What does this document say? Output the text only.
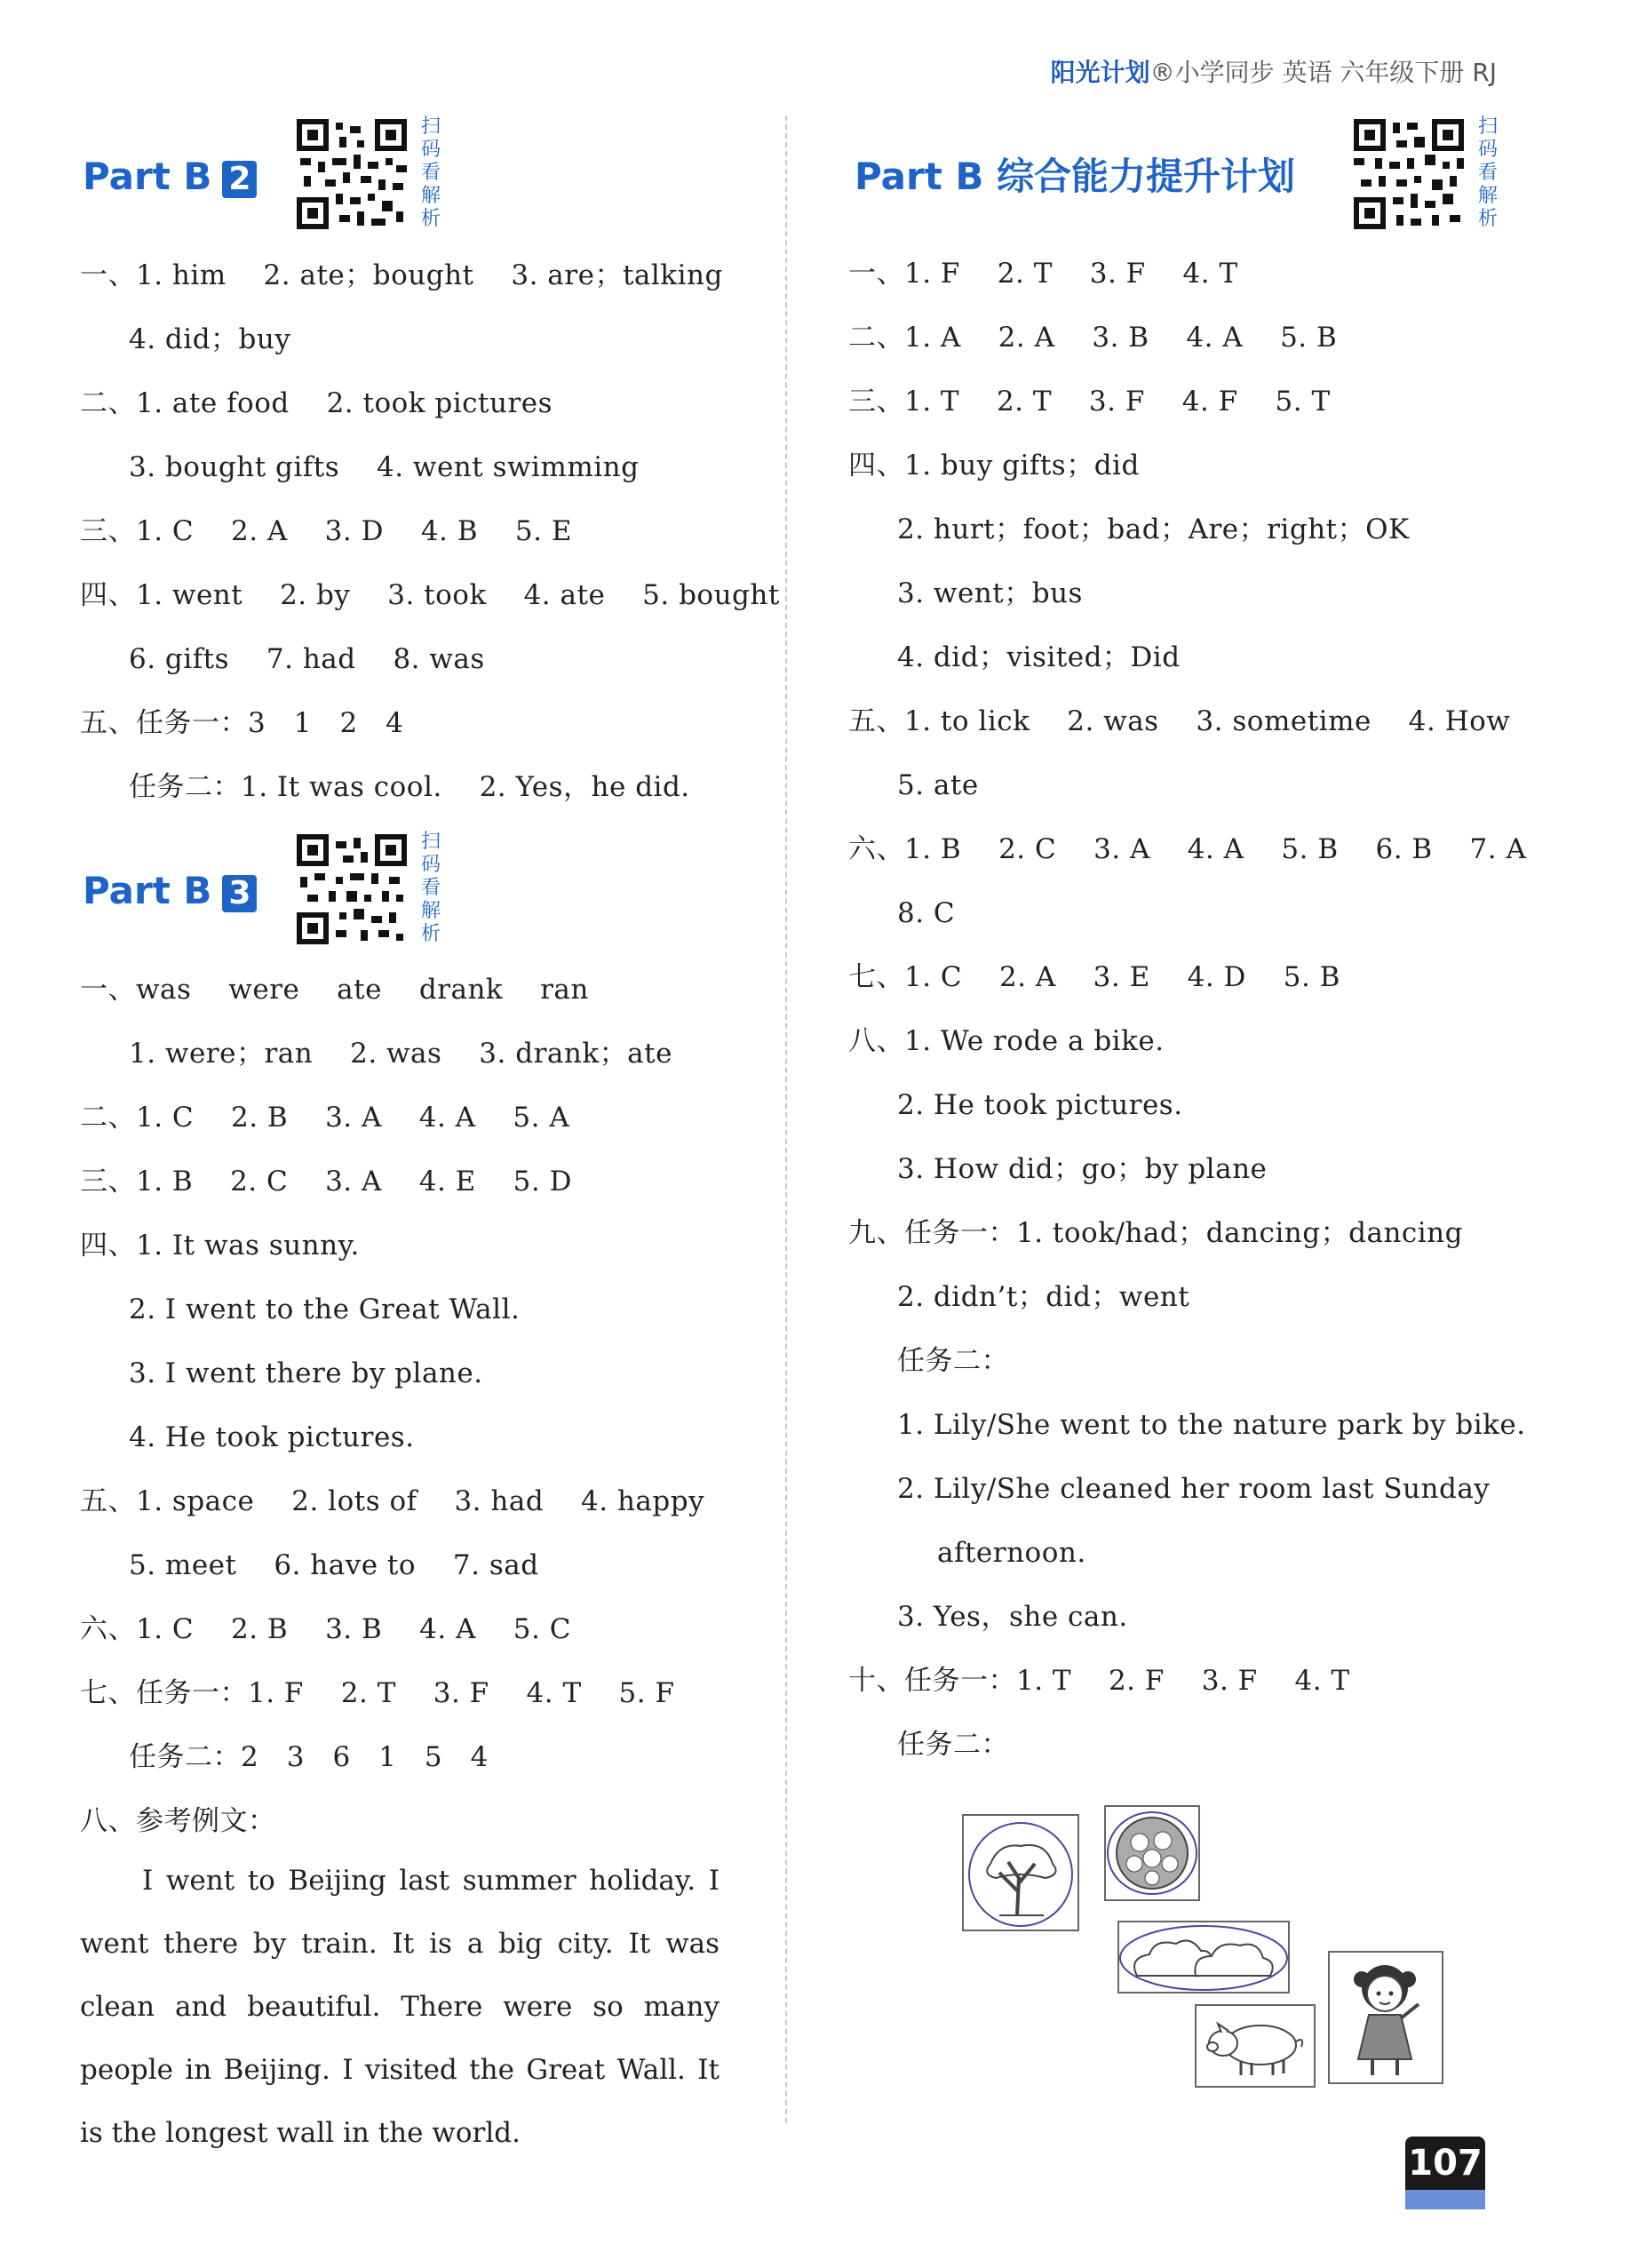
阳光计划®小学同步 英语 六年级下册 RJ
Part B 2
扫
码
看
解
析
一、1. him　 2. ate；bought　 3. are；talking
4. did；buy
二、1. ate food　 2. took pictures
3. bought gifts　 4. went swimming
三、1. C　 2. A　 3. D　 4. B　 5. E
四、1. went　 2. by　 3. took　 4. ate　 5. bought
6. gifts　 7. had　 8. was
五、任务一：3　1　2　4
任务二：1. It was cool.　 2. Yes，he did.
Part B 3
扫
码
看
解
析
一、was　 were　 ate　 drank　 ran
1. were；ran　 2. was　 3. drank；ate
二、1. C　 2. B　 3. A　 4. A　 5. A
三、1. B　 2. C　 3. A　 4. E　 5. D
四、1. It was sunny.
2. I went to the Great Wall.
3. I went there by plane.
4. He took pictures.
五、1. space　 2. lots of　 3. had　 4. happy
5. meet　 6. have to　 7. sad
六、1. C　 2. B　 3. B　 4. A　 5. C
七、任务一：1. F　 2. T　 3. F　 4. T　 5. F
任务二：2　3　6　1　5　4
八、参考例文：
I went to Beijing last summer holiday. I went there by train. It is a big city. It was clean and beautiful. There were so many people in Beijing. I visited the Great Wall. It is the longest wall in the world.
Part B 综合能力提升计划
扫
码
看
解
析
一、1. F　 2. T　 3. F　 4. T
二、1. A　 2. A　 3. B　 4. A　 5. B
三、1. T　 2. T　 3. F　 4. F　 5. T
四、1. buy gifts；did
2. hurt；foot；bad；Are；right；OK
3. went；bus
4. did；visited；Did
五、1. to lick　 2. was　 3. sometime　 4. How
5. ate
六、1. B　 2. C　 3. A　 4. A　 5. B　 6. B　 7. A
8. C
七、1. C　 2. A　 3. E　 4. D　 5. B
八、1. We rode a bike.
2. He took pictures.
3. How did；go；by plane
九、任务一：1. took/had；dancing；dancing
2. didn’t；did；went
任务二：
1. Lily/She went to the nature park by bike.
2. Lily/She cleaned her room last Sunday
afternoon.
3. Yes，she can.
十、任务一：1. T　 2. F　 3. F　 4. T
任务二：
107
